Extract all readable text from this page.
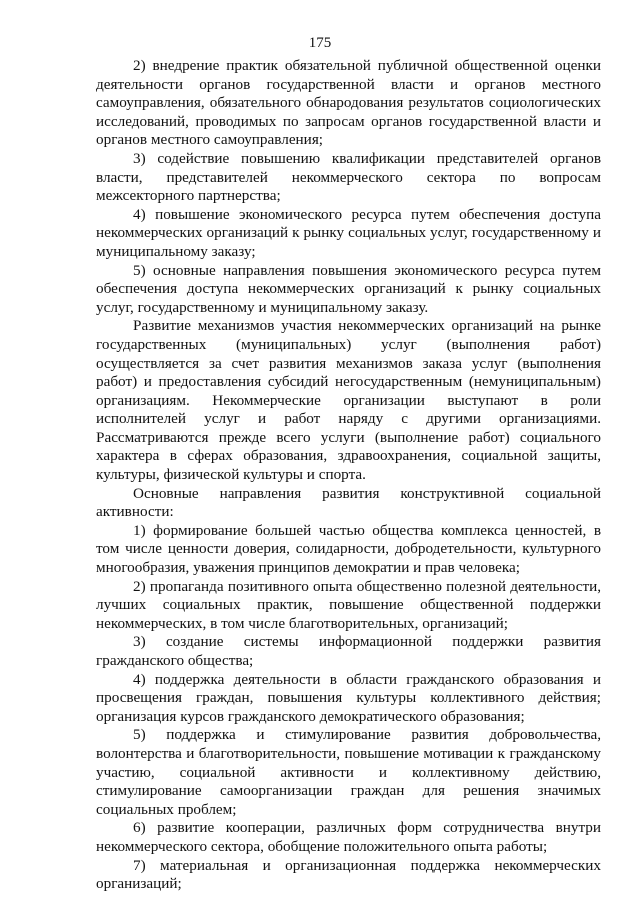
175

2) внедрение практик обязательной публичной общественной оценки деятельности органов государственной власти и органов местного самоуправления, обязательного обнародования результатов социологических исследований, проводимых по запросам органов государственной власти и органов местного самоуправления;

3) содействие повышению квалификации представителей органов власти, представителей некоммерческого сектора по вопросам межсекторного партнерства;

4) повышение экономического ресурса путем обеспечения доступа некоммерческих организаций к рынку социальных услуг, государственному и муниципальному заказу;

5) основные направления повышения экономического ресурса путем обеспечения доступа некоммерческих организаций к рынку социальных услуг, государственному и муниципальному заказу.

Развитие механизмов участия некоммерческих организаций на рынке государственных (муниципальных) услуг (выполнения работ) осуществляется за счет развития механизмов заказа услуг (выполнения работ) и предоставления субсидий негосударственным (немуниципальным) организациям. Некоммерческие организации выступают в роли исполнителей услуг и работ наряду с другими организациями. Рассматриваются прежде всего услуги (выполнение работ) социального характера в сферах образования, здравоохранения, социальной защиты, культуры, физической культуры и спорта.

Основные направления развития конструктивной социальной активности:

1) формирование большей частью общества комплекса ценностей, в том числе ценности доверия, солидарности, добродетельности, культурного многообразия, уважения принципов демократии и прав человека;

2) пропаганда позитивного опыта общественно полезной деятельности, лучших социальных практик, повышение общественной поддержки некоммерческих, в том числе благотворительных, организаций;

3) создание системы информационной поддержки развития гражданского общества;

4) поддержка деятельности в области гражданского образования и просвещения граждан, повышения культуры коллективного действия; организация курсов гражданского демократического образования;

5) поддержка и стимулирование развития добровольчества, волонтерства и благотворительности, повышение мотивации к гражданскому участию, социальной активности и коллективному действию, стимулирование самоорганизации граждан для решения значимых социальных проблем;

6) развитие кооперации, различных форм сотрудничества внутри некоммерческого сектора, обобщение положительного опыта работы;

7) материальная и организационная поддержка некоммерческих организаций;
